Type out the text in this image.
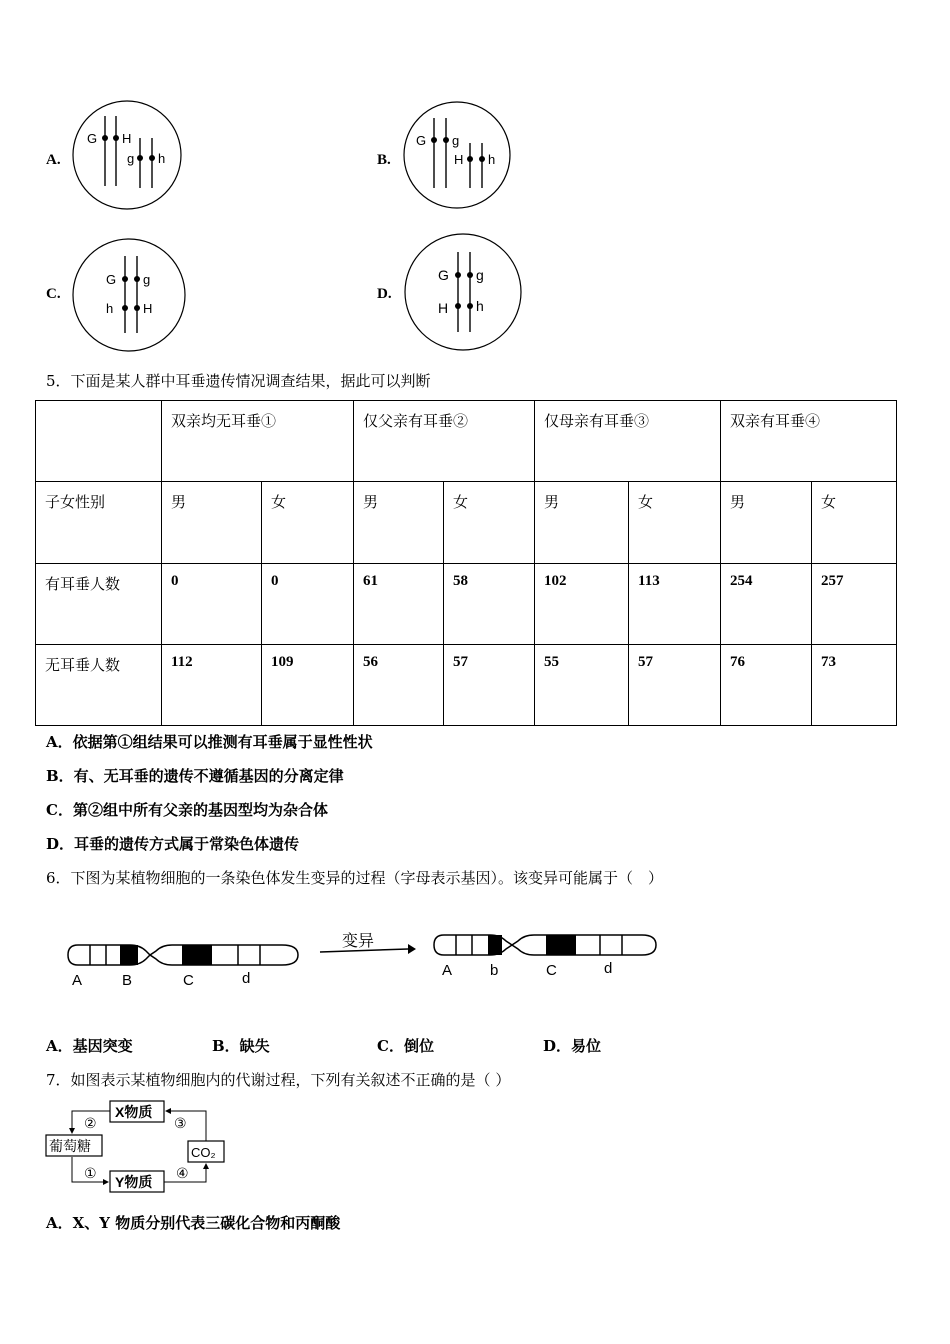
A.
G H
g h	B.
G g
H h
C.
G g
h H
D.
G g
H h
5．下面是某人群中耳垂遗传情况调查结果，据此可以判断
	双亲均无耳垂①		仅父亲有耳垂②		仅母亲有耳垂③		双亲有耳垂④	
子女性别	男	女	男	女	男	女	男	女
有耳垂人数	0	0	61	58	102	113	254	257
无耳垂人数	112	109	56	57	55	57	76	73
A．依据第①组结果可以推测有耳垂属于显性性状
B．有、无耳垂的遗传不遵循基因的分离定律
C．第②组中所有父亲的基因型均为杂合体
D．耳垂的遗传方式属于常染色体遗传
6．下图为某植物细胞的一条染色体发生变异的过程（字母表示基因）。该变异可能属于（　）
A	B	C	d
变异
A	b	C	d
A．基因突变	B．缺失	C．倒位	D．易位
7．如图表示某植物细胞内的代谢过程，下列有关叙述不正确的是（ ）
X物质
葡萄糖
Y物质
CO₂
①
②	③
④
A．X、Y 物质分别代表三碳化合物和丙酮酸
